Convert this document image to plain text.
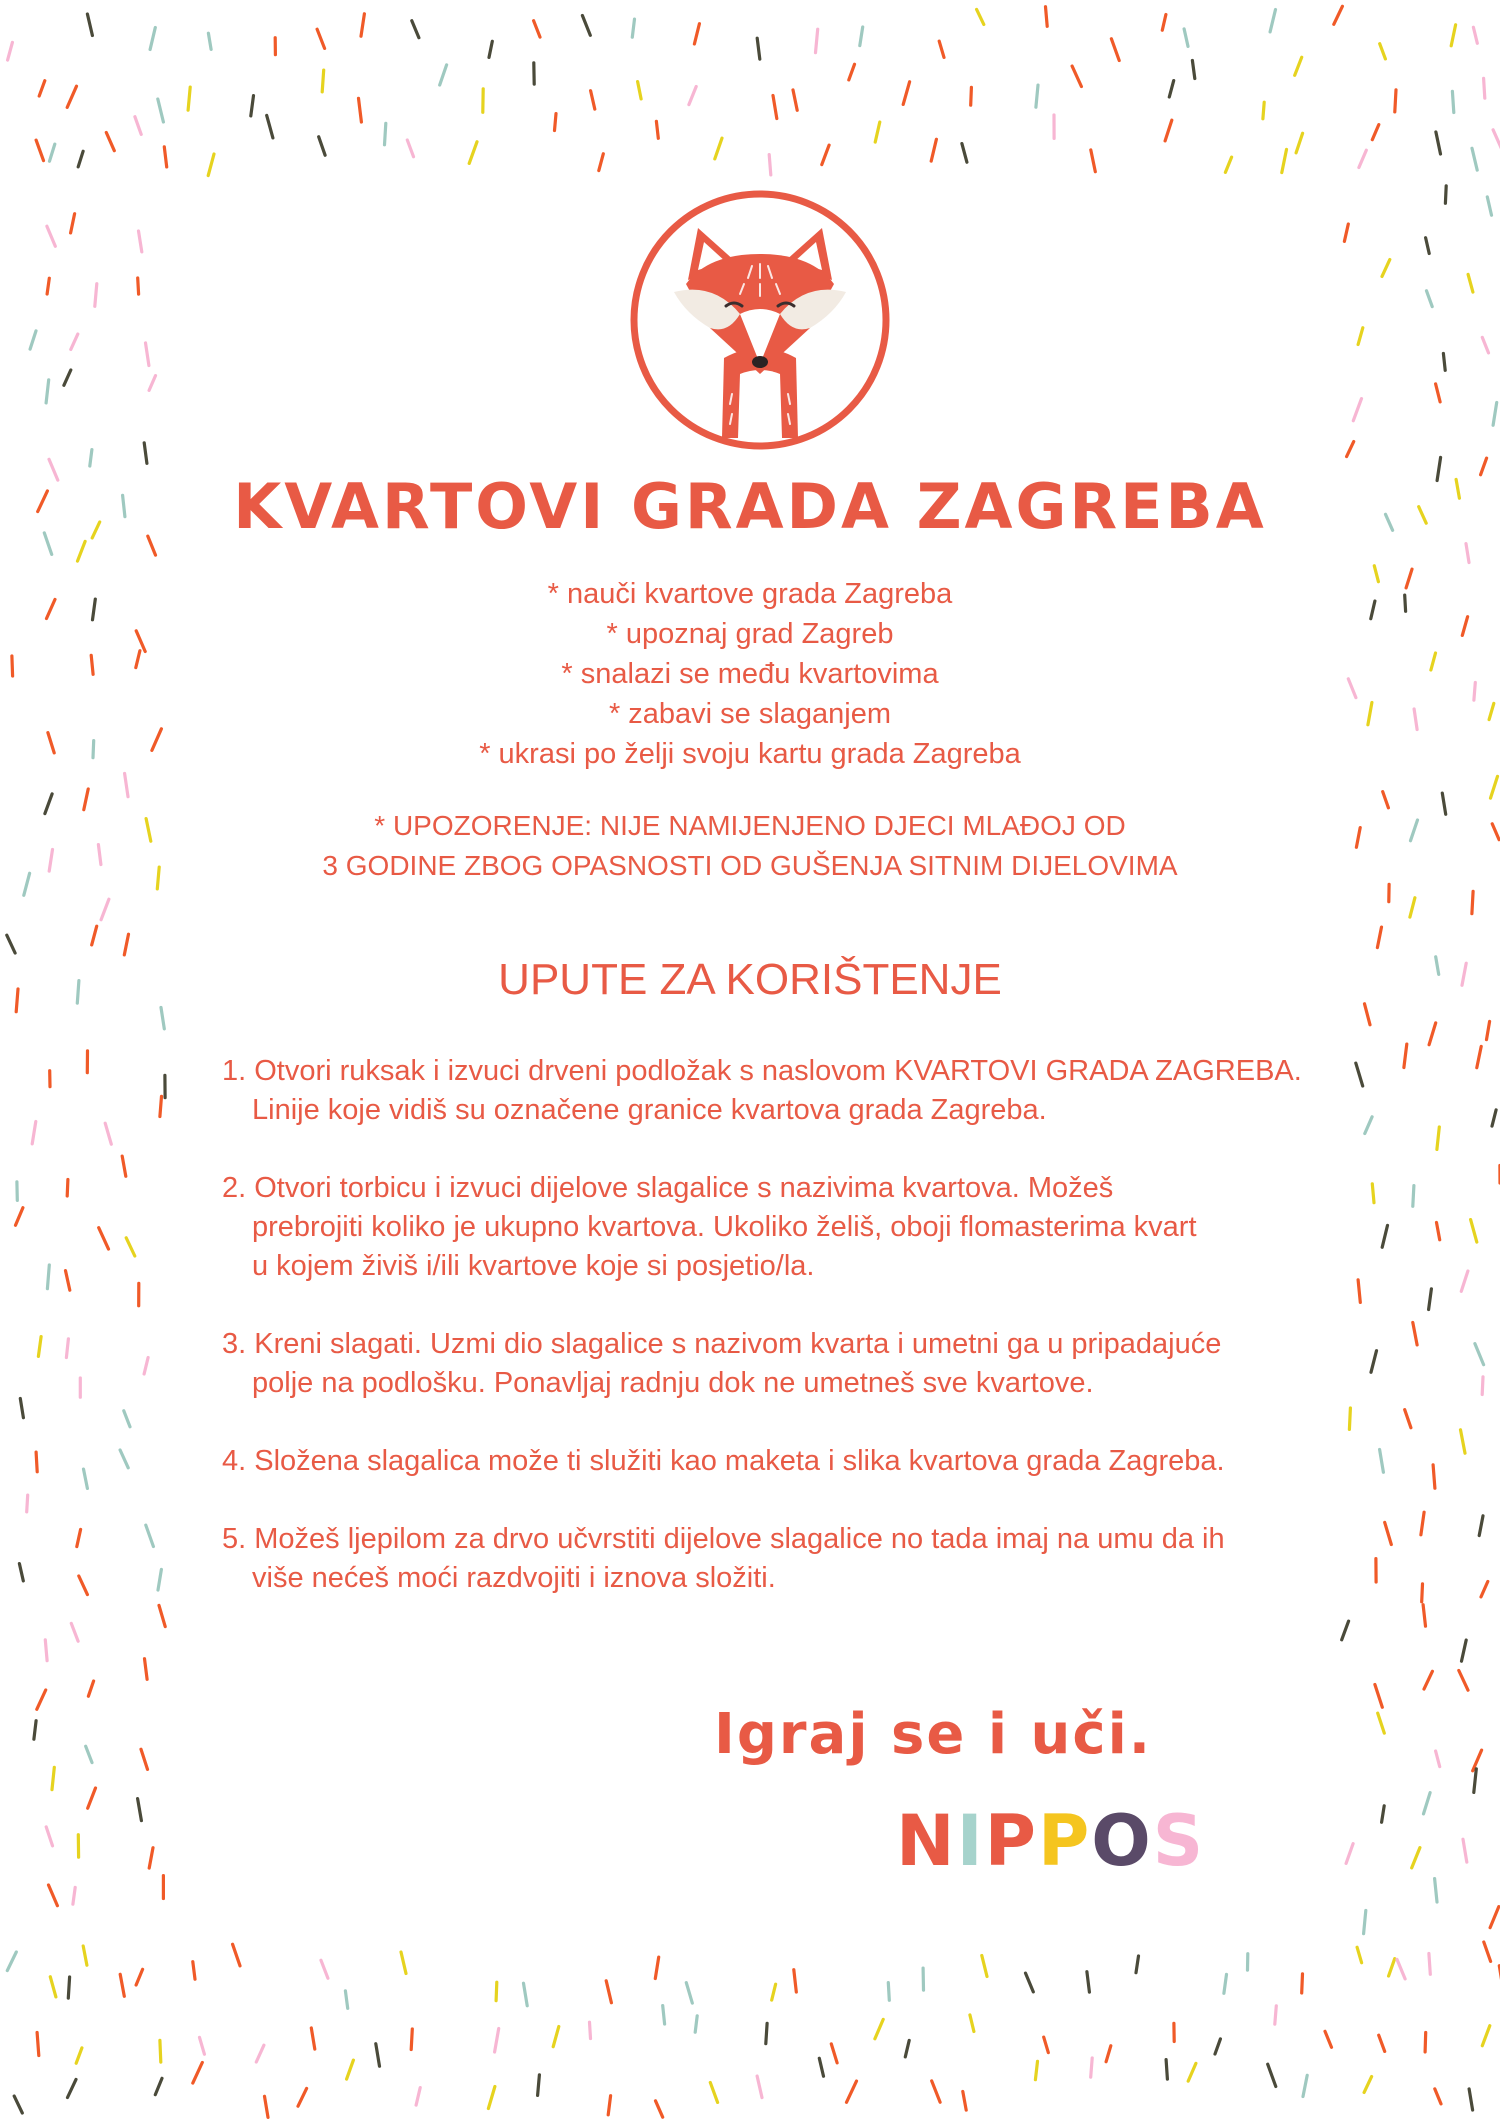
KVARTOVI GRADA ZAGREBA
* nauči kvartove grada Zagreba
* upoznaj grad Zagreb
* snalazi se među kvartovima
* zabavi se slaganjem
* ukrasi po želji svoju kartu grada Zagreba
* UPOZORENJE: NIJE NAMIJENJENO DJECI MLAĐOJ OD
3 GODINE ZBOG OPASNOSTI OD GUŠENJA SITNIM DIJELOVIMA
UPUTE ZA KORIŠTENJE
1. Otvori ruksak i izvuci drveni podložak s naslovom KVARTOVI GRADA ZAGREBA.
Linije koje vidiš su označene granice kvartova grada Zagreba.
2. Otvori torbicu i izvuci dijelove slagalice s nazivima kvartova. Možeš
prebrojiti koliko je ukupno kvartova. Ukoliko želiš, oboji flomasterima kvart
u kojem živiš i/ili kvartove koje si posjetio/la.
3. Kreni slagati. Uzmi dio slagalice s nazivom kvarta i umetni ga u pripadajuće
polje na podlošku. Ponavljaj radnju dok ne umetneš sve kvartove.
4. Složena slagalica može ti služiti kao maketa i slika kvartova grada Zagreba.
5. Možeš ljepilom za drvo učvrstiti dijelove slagalice no tada imaj na umu da ih
više nećeš moći razdvojiti i iznova složiti.
Igraj se i uči.
NIPPOS
